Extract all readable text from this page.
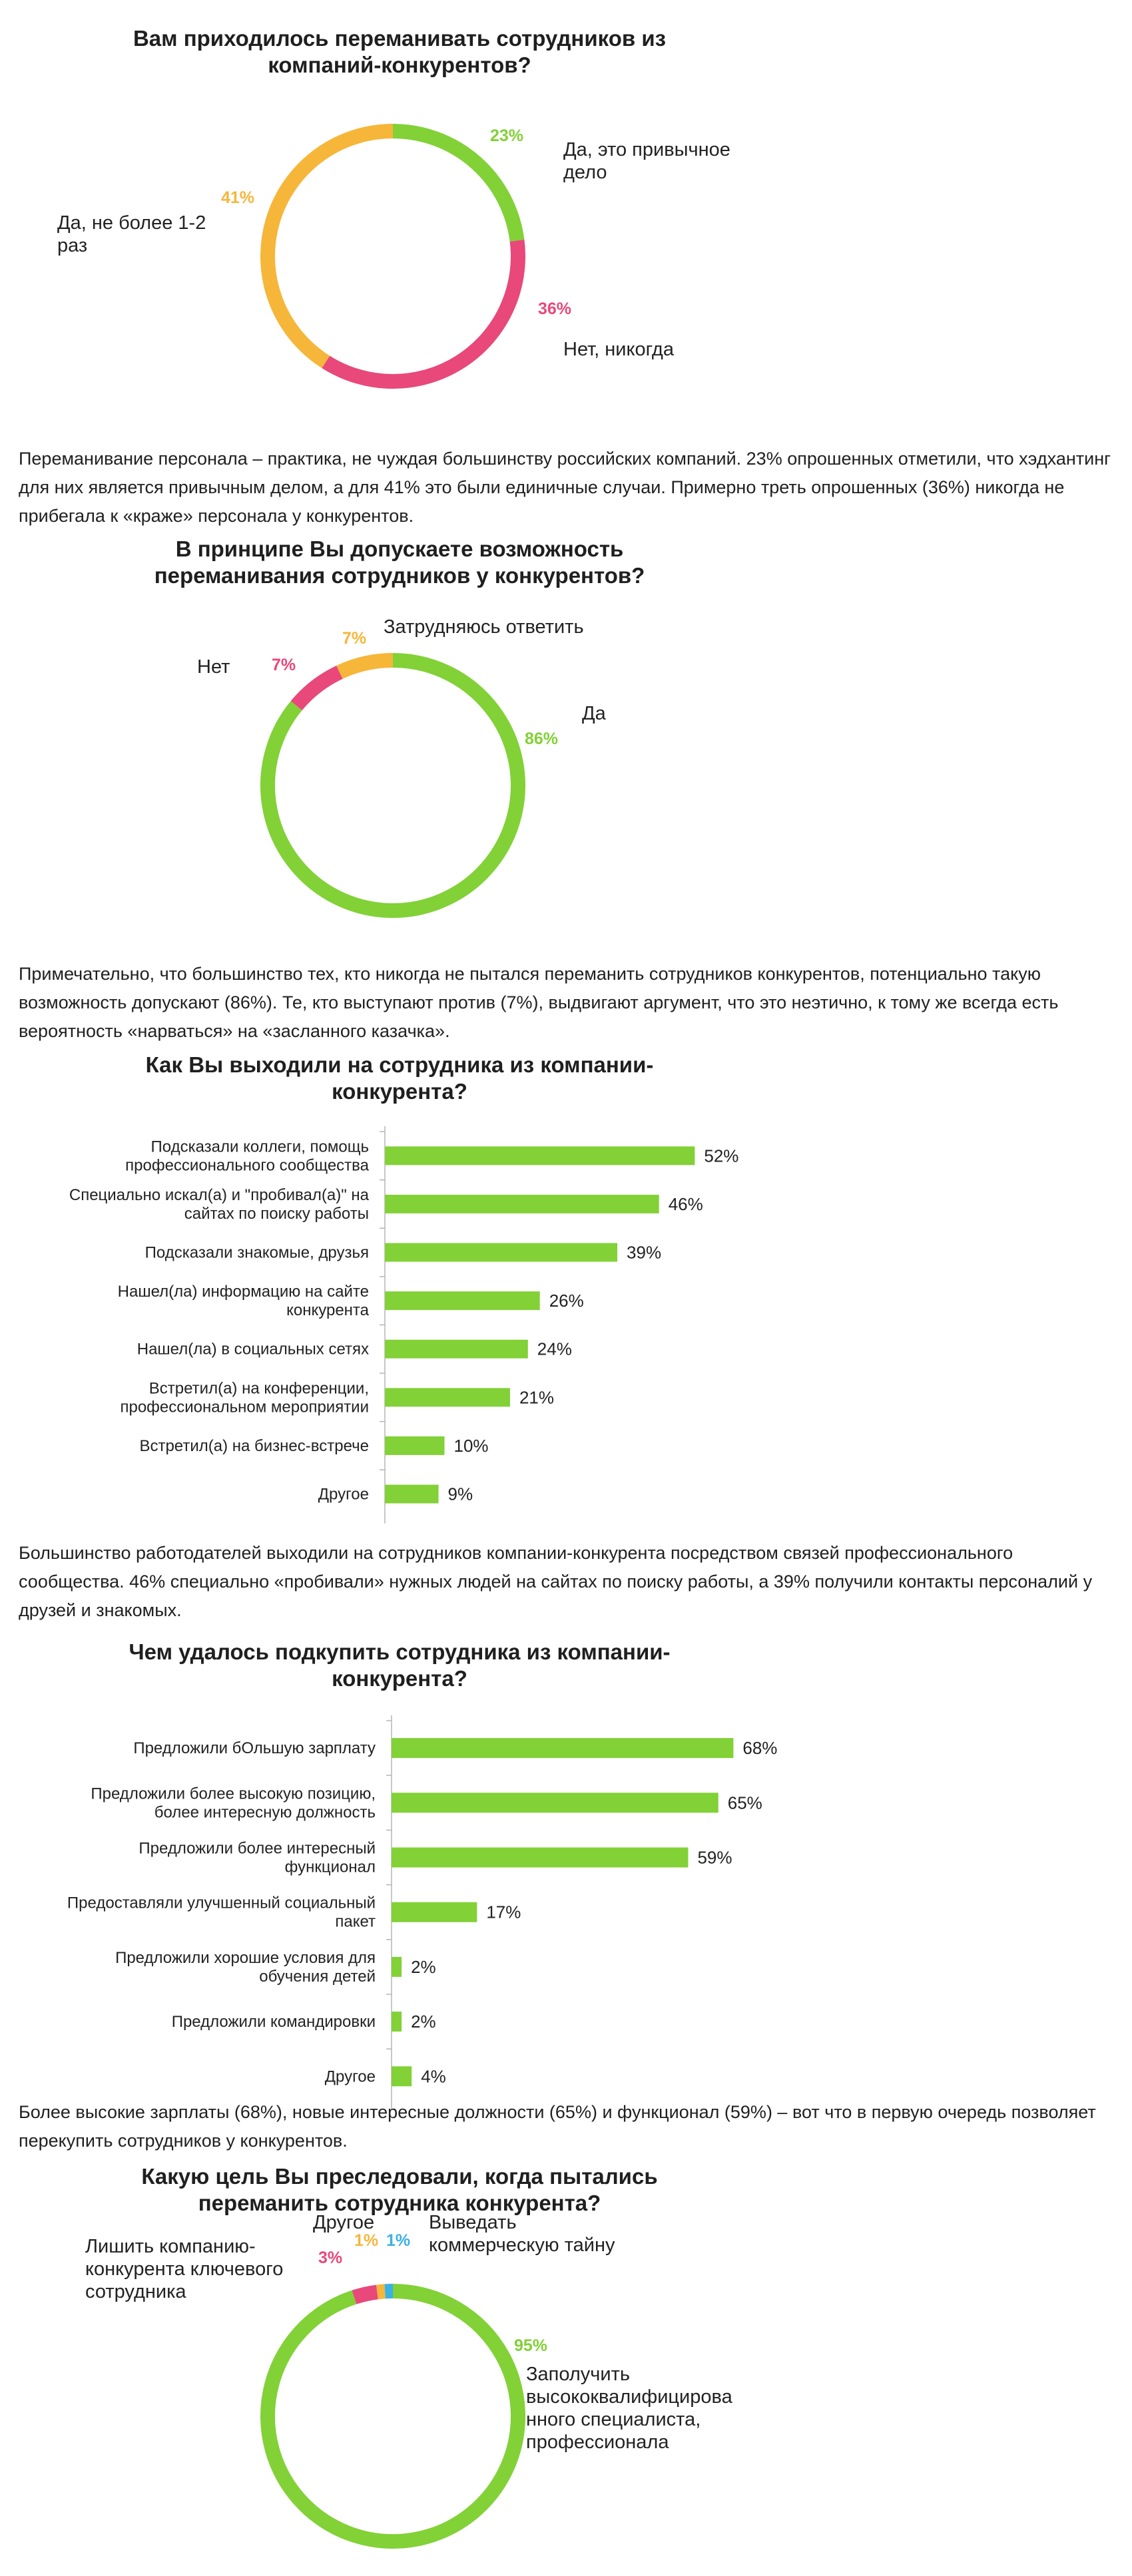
Вам приходилось переманивать сотрудников из
компаний-конкурентов?
23%
Да, это привычное
дело
36%
Нет, никогда
41%
Да, не более 1-2
раз
Переманивание персонала – практика, не чуждая большинству российских компаний. 23% опрошенных отметили, что хэдхантинг для них является привычным делом, а для 41% это были единичные случаи. Примерно треть опрошенных (36%) никогда не прибегала к «краже» персонала у конкурентов.
В принципе Вы допускаете возможность
переманивания сотрудников у конкурентов?
86%
Да
7%
Нет
7%
Затрудняюсь ответить
Примечательно, что большинство тех, кто никогда не пытался переманить сотрудников конкурентов, потенциально такую возможность допускают (86%). Те, кто выступают против (7%), выдвигают аргумент, что это неэтично, к тому же всегда есть вероятность «нарваться» на «засланного казачка».
Как Вы выходили на сотрудника из компании-
конкурента?
52%
Подсказали коллеги, помощь профессионального сообщества
46%
Специально искал(а) и "пробивал(а)" на сайтах по поиску работы
39%
Подсказали знакомые, друзья
26%
Нашел(ла) информацию на сайте конкурента
24%
Нашел(ла) в социальных сетях
21%
Встретил(а) на конференции, профессиональном мероприятии
10%
Встретил(а) на бизнес-встрече
9%
Другое
Большинство работодателей выходили на сотрудников компании-конкурента посредством связей профессионального сообщества. 46% специально «пробивали» нужных людей на сайтах по поиску работы, а 39% получили контакты персоналий у друзей и знакомых.
Чем удалось подкупить сотрудника из компании-
конкурента?
68%
Предложили бОльшую зарплату
65%
Предложили более высокую позицию, более интересную должность
59%
Предложили более интересный функционал
17%
Предоставляли улучшенный социальный пакет
2%
Предложили хорошие условия для обучения детей
2%
Предложили командировки
4%
Другое
Более высокие зарплаты (68%), новые интересные должности (65%) и функционал (59%) – вот что в первую очередь позволяет перекупить сотрудников у конкурентов.
Какую цель Вы преследовали, когда пытались
переманить сотрудника конкурента?
95%
Заполучить
высококвалифицирова
нного специалиста,
профессионала
3%
Лишить компанию-
конкурента ключевого
сотрудника
1%
Другое
1%
Выведать
коммерческую тайну
